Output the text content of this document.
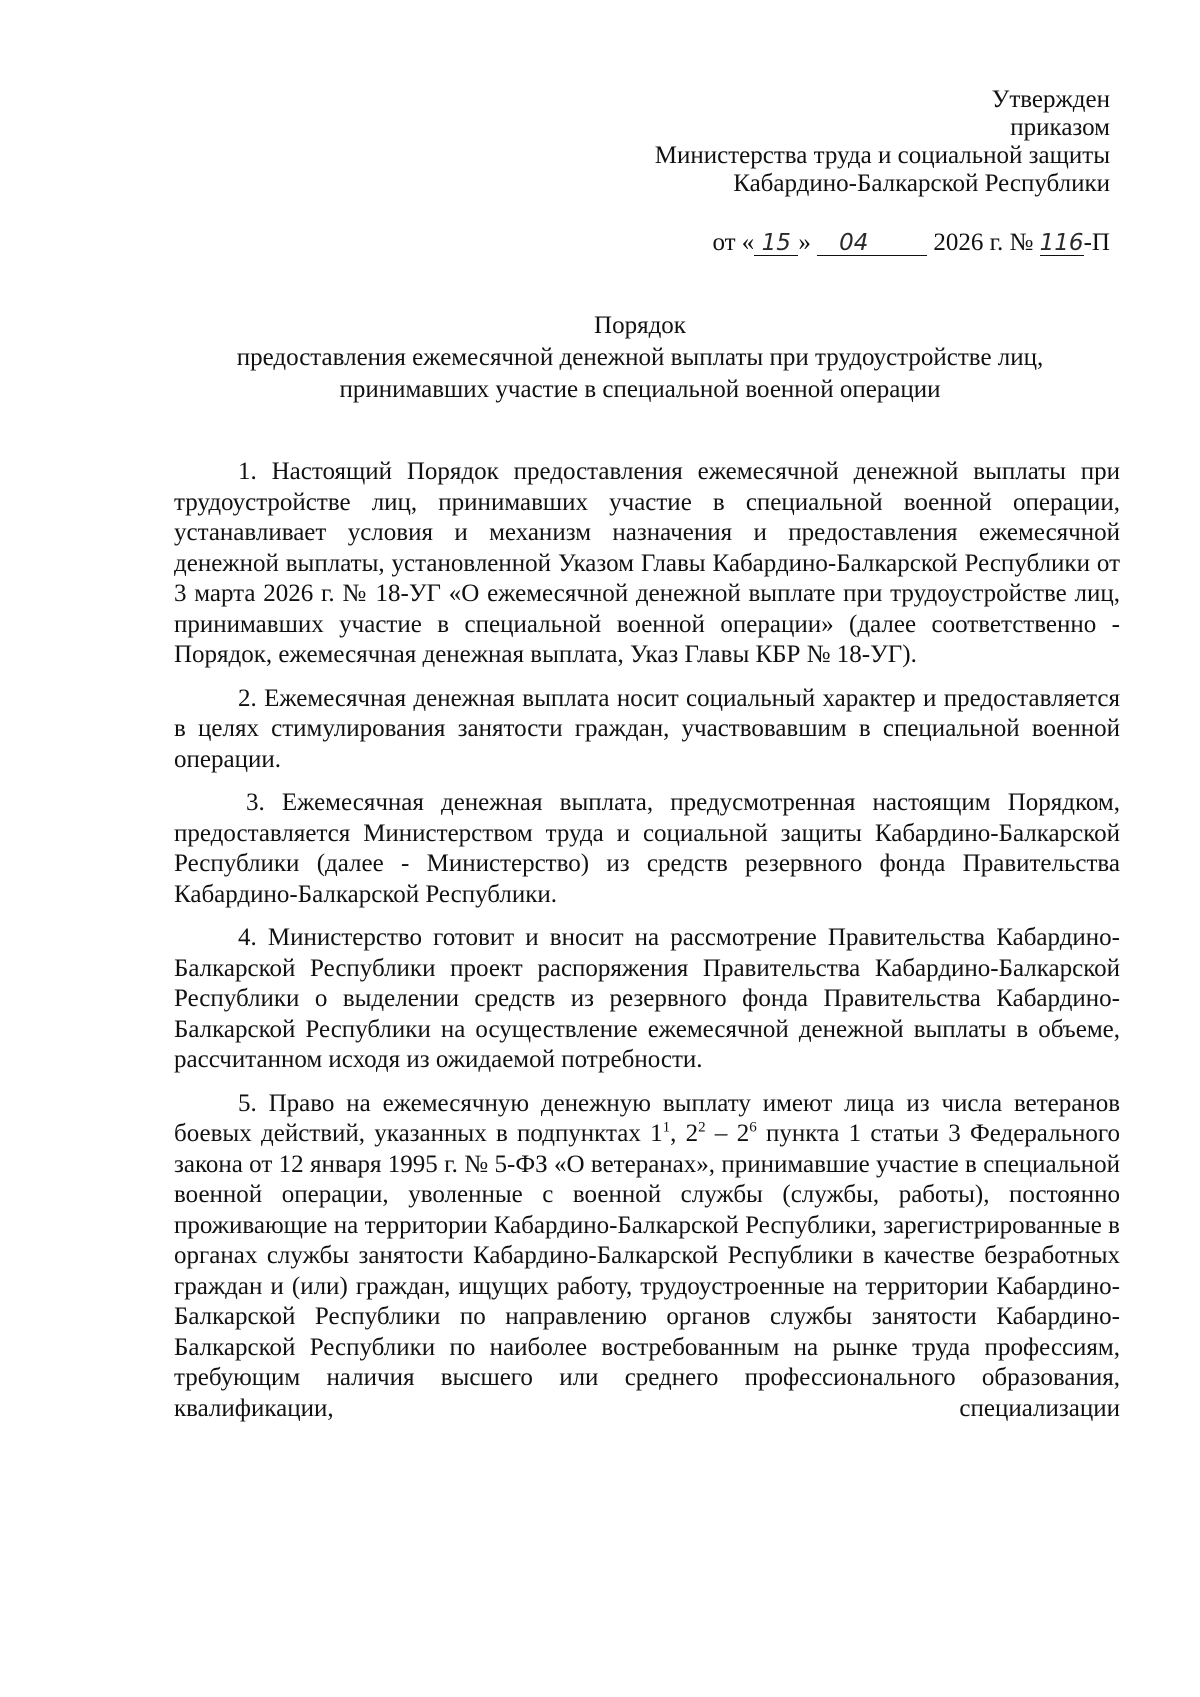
Утвержден
приказом
Министерства труда и социальной защиты
Кабардино-Балкарской Республики
от « 15 » 04	2026 г. № 116-П
Порядок
предоставления ежемесячной денежной выплаты при трудоустройстве лиц,
принимавших участие в специальной военной операции

1. Настоящий Порядок предоставления ежемесячной денежной выплаты при трудоустройстве лиц, принимавших участие в специальной военной операции, устанавливает условия и механизм назначения и предоставления ежемесячной денежной выплаты, установленной Указом Главы Кабардино-Балкарской Республики от 3 марта 2026 г. № 18-УГ «О ежемесячной денежной выплате при трудоустройстве лиц, принимавших участие в специальной военной операции» (далее соответственно - Порядок, ежемесячная денежная выплата, Указ Главы КБР № 18-УГ).

2. Ежемесячная денежная выплата носит социальный характер и предоставляется в целях стимулирования занятости граждан, участвовавшим в специальной военной операции.

3. Ежемесячная денежная выплата, предусмотренная настоящим Порядком, предоставляется Министерством труда и социальной защиты Кабардино-Балкарской Республики (далее - Министерство) из средств резервного фонда Правительства Кабардино-Балкарской Республики.

4. Министерство готовит и вносит на рассмотрение Правительства Кабардино-Балкарской Республики проект распоряжения Правительства Кабардино-Балкарской Республики о выделении средств из резервного фонда Правительства Кабардино-Балкарской Республики на осуществление ежемесячной денежной выплаты в объеме, рассчитанном исходя из ожидаемой потребности.

5. Право на ежемесячную денежную выплату имеют лица из числа ветеранов боевых действий, указанных в подпунктах $1^1$, $2^2 - 2^6$ пункта 1 статьи 3 Федерального закона от 12 января 1995 г. № 5-ФЗ «О ветеранах», принимавшие участие в специальной военной операции, уволенные с военной службы (службы, работы), постоянно проживающие на территории Кабардино-Балкарской Республики, зарегистрированные в органах службы занятости Кабардино-Балкарской Республики в качестве безработных граждан и (или) граждан, ищущих работу, трудоустроенные на территории Кабардино-Балкарской Республики по направлению органов службы занятости Кабардино-Балкарской Республики по наиболее востребованным на рынке труда профессиям, требующим наличия высшего или среднего профессионального образования, квалификации, специализации
